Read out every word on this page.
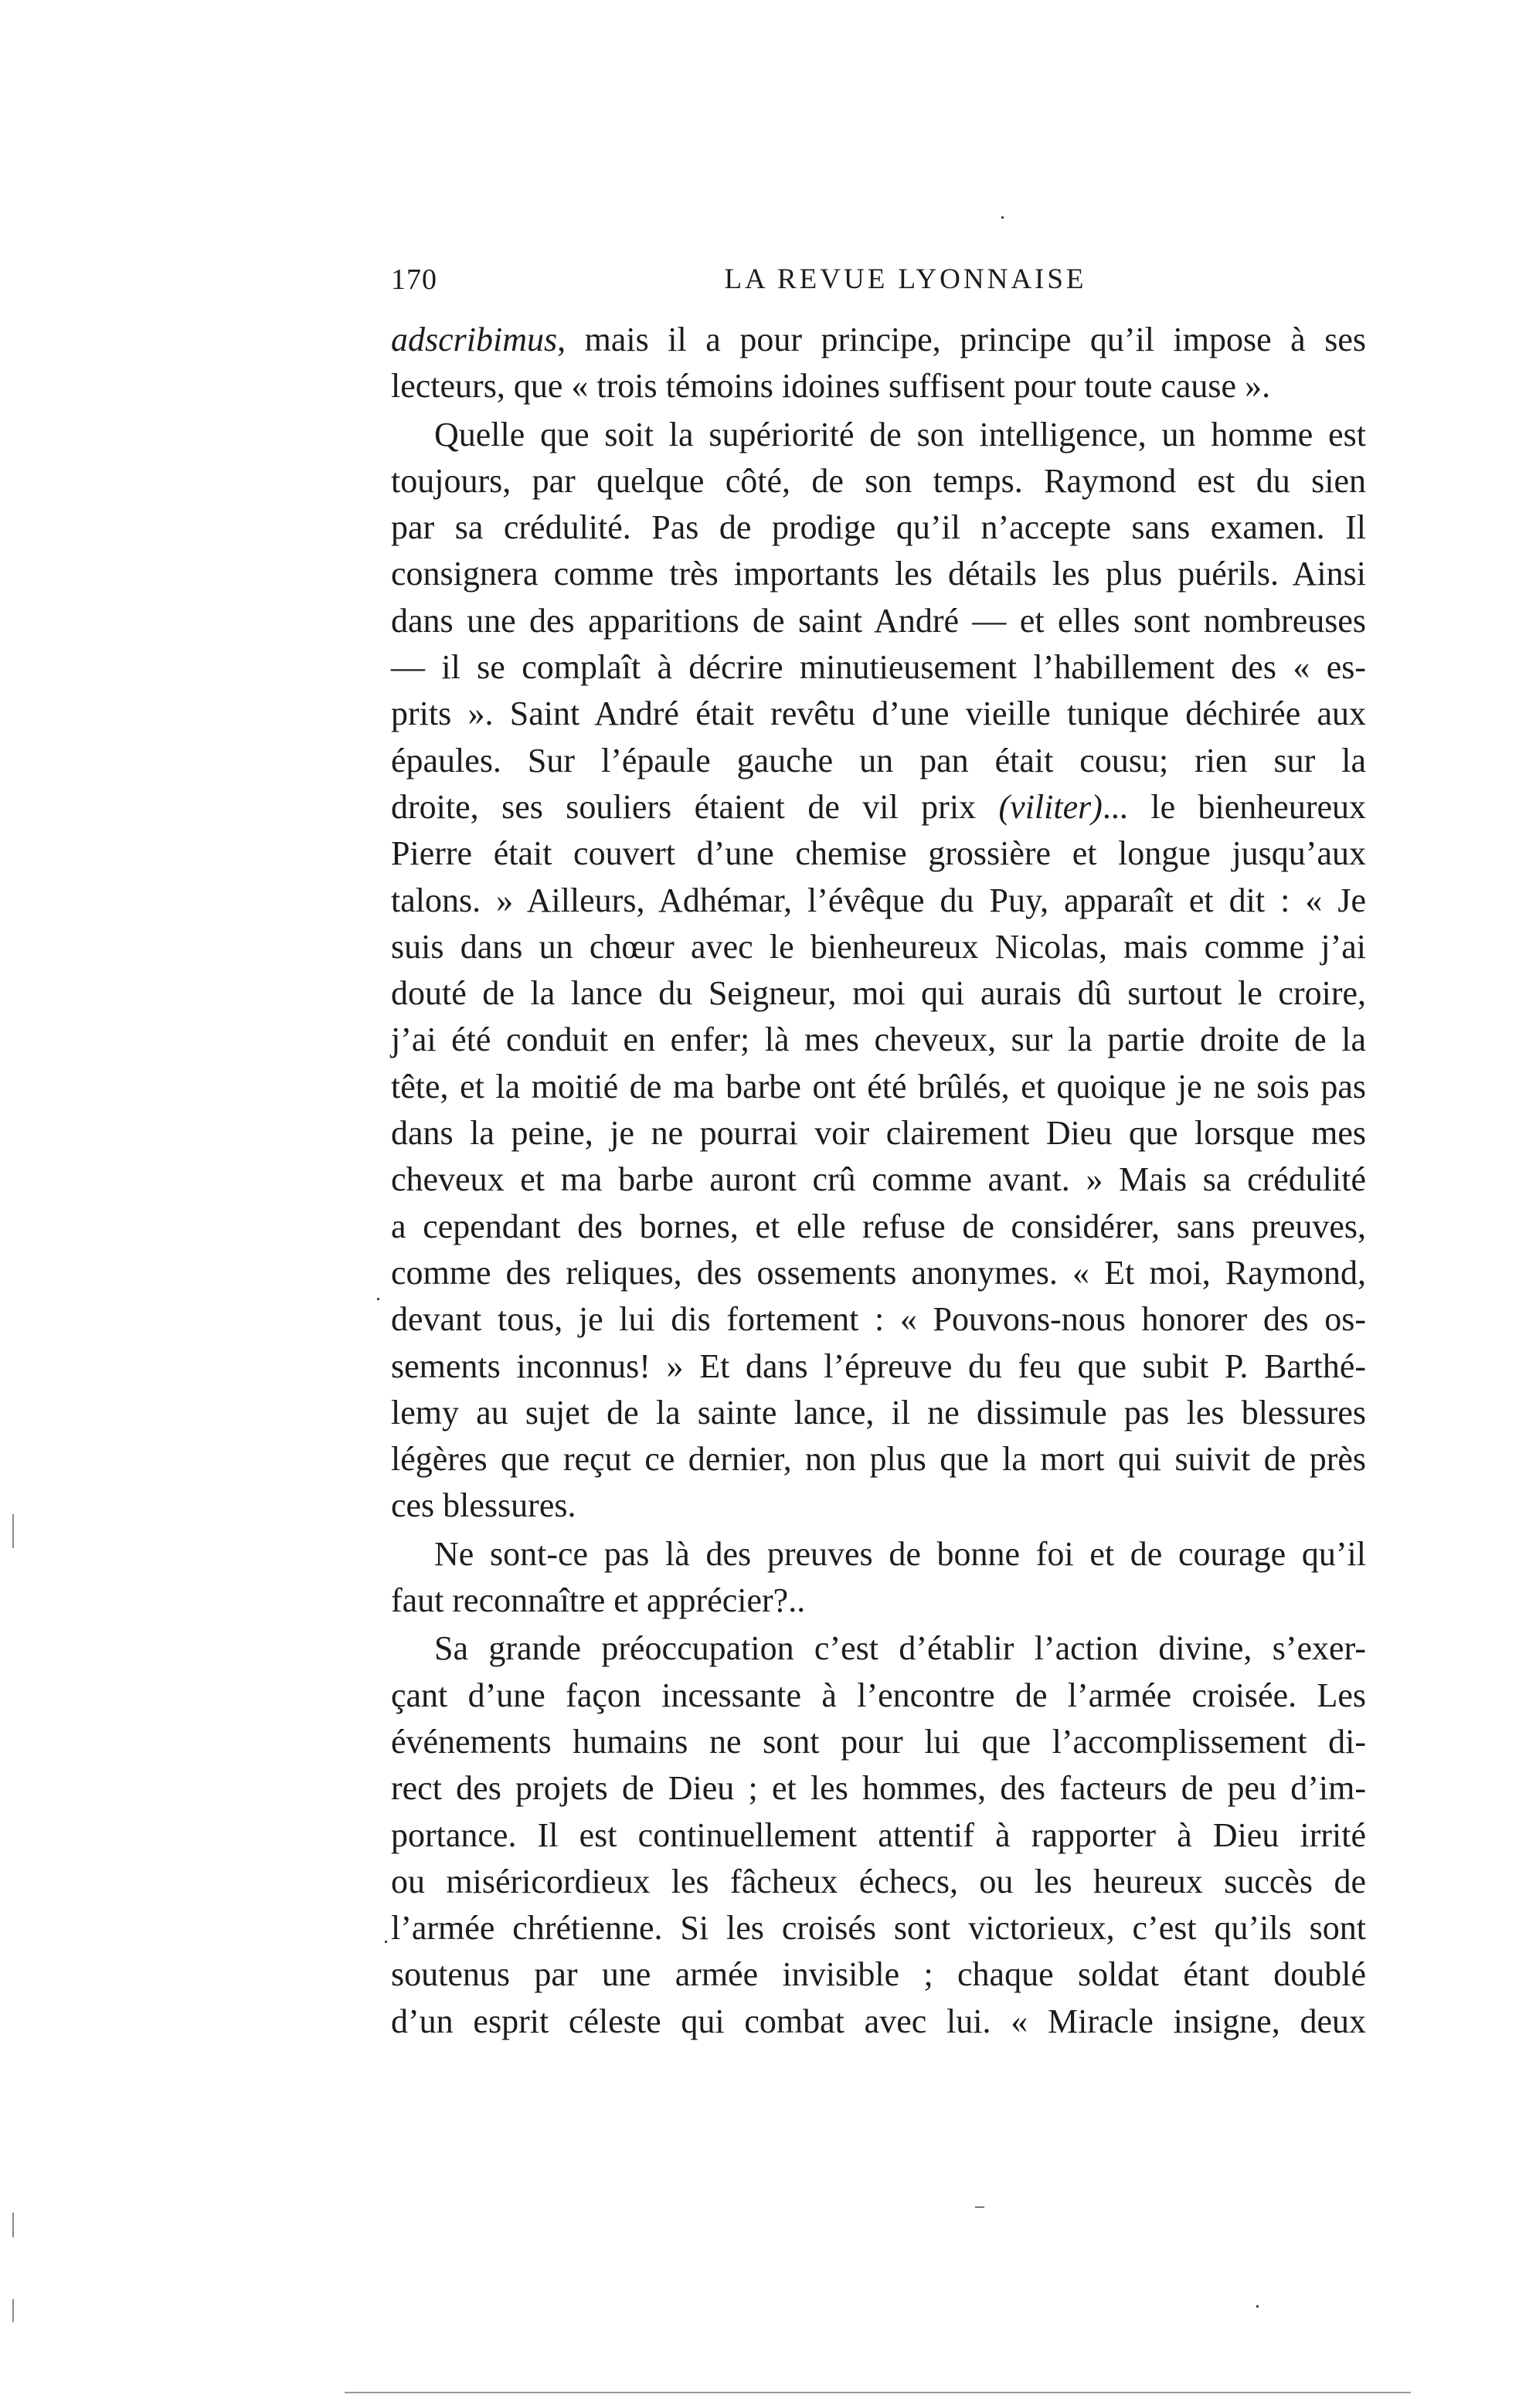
170	LA REVUE LYONNAISE

adscribimus, mais il a pour principe, principe qu’il impose à ses
lecteurs, que « trois témoins idoines suffisent pour toute cause ».

Quelle que soit la supériorité de son intelligence, un homme est
toujours, par quelque côté, de son temps. Raymond est du sien
par sa crédulité. Pas de prodige qu’il n’accepte sans examen. Il
consignera comme très importants les détails les plus puérils. Ainsi
dans une des apparitions de saint André — et elles sont nombreuses
— il se complaît à décrire minutieusement l’habillement des « es-
prits ». Saint André était revêtu d’une vieille tunique déchirée aux
épaules. Sur l’épaule gauche un pan était cousu; rien sur la
droite, ses souliers étaient de vil prix (viliter)... le bienheureux
Pierre était couvert d’une chemise grossière et longue jusqu’aux
talons. » Ailleurs, Adhémar, l’évêque du Puy, apparaît et dit : « Je
suis dans un chœur avec le bienheureux Nicolas, mais comme j’ai
douté de la lance du Seigneur, moi qui aurais dû surtout le croire,
j’ai été conduit en enfer; là mes cheveux, sur la partie droite de la
tête, et la moitié de ma barbe ont été brûlés, et quoique je ne sois pas
dans la peine, je ne pourrai voir clairement Dieu que lorsque mes
cheveux et ma barbe auront crû comme avant. » Mais sa crédulité
a cependant des bornes, et elle refuse de considérer, sans preuves,
comme des reliques, des ossements anonymes. « Et moi, Raymond,
devant tous, je lui dis fortement : « Pouvons-nous honorer des os-
sements inconnus! » Et dans l’épreuve du feu que subit P. Barthé-
lemy au sujet de la sainte lance, il ne dissimule pas les blessures
légères que reçut ce dernier, non plus que la mort qui suivit de près
ces blessures.

Ne sont-ce pas là des preuves de bonne foi et de courage qu’il
faut reconnaître et apprécier?..

Sa grande préoccupation c’est d’établir l’action divine, s’exer-
çant d’une façon incessante à l’encontre de l’armée croisée. Les
événements humains ne sont pour lui que l’accomplissement di-
rect des projets de Dieu ; et les hommes, des facteurs de peu d’im-
portance. Il est continuellement attentif à rapporter à Dieu irrité
ou miséricordieux les fâcheux échecs, ou les heureux succès de
l’armée chrétienne. Si les croisés sont victorieux, c’est qu’ils sont
soutenus par une armée invisible ; chaque soldat étant doublé
d’un esprit céleste qui combat avec lui. « Miracle insigne, deux
